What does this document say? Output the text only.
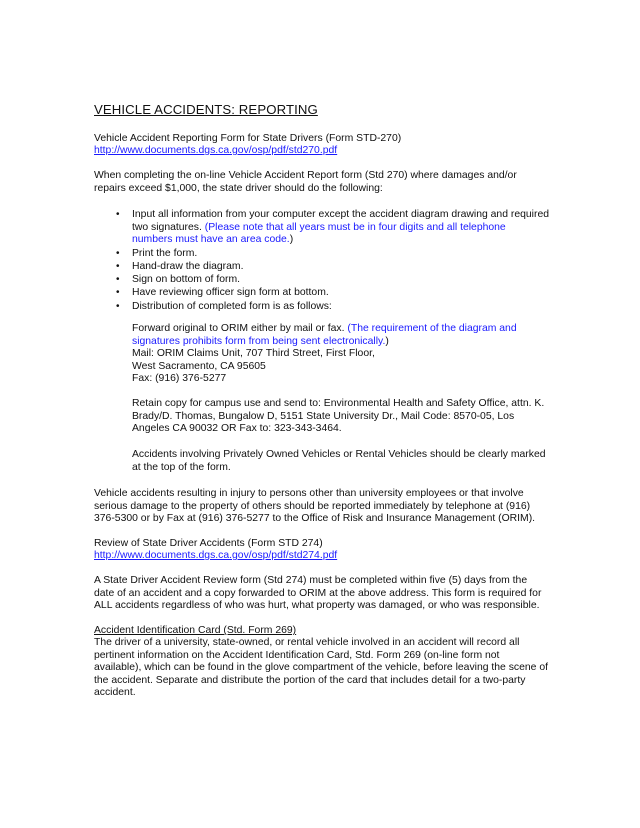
VEHICLE ACCIDENTS: REPORTING

Vehicle Accident Reporting Form for State Drivers (Form STD-270)

http://www.documents.dgs.ca.gov/osp/pdf/std270.pdf

When completing the on-line Vehicle Accident Report form (Std 270) where damages and/or repairs exceed $1,000, the state driver should do the following:

• Input all information from your computer except the accident diagram drawing and required two signatures. (Please note that all years must be in four digits and all telephone numbers must have an area code.)
• Print the form.
• Hand-draw the diagram.
• Sign on bottom of form.
• Have reviewing officer sign form at bottom.
• Distribution of completed form is as follows:

Forward original to ORIM either by mail or fax. (The requirement of the diagram and signatures prohibits form from being sent electronically.)

Mail: ORIM Claims Unit, 707 Third Street, First Floor,

West Sacramento, CA 95605

Fax: (916) 376-5277

Retain copy for campus use and send to: Environmental Health and Safety Office, attn. K. Brady/D. Thomas, Bungalow D, 5151 State University Dr., Mail Code: 8570-05, Los Angeles CA 90032 OR Fax to: 323-343-3464.

Accidents involving Privately Owned Vehicles or Rental Vehicles should be clearly marked at the top of the form.

Vehicle accidents resulting in injury to persons other than university employees or that involve serious damage to the property of others should be reported immediately by telephone at (916) 376-5300 or by Fax at (916) 376-5277 to the Office of Risk and Insurance Management (ORIM).

Review of State Driver Accidents (Form STD 274)

http://www.documents.dgs.ca.gov/osp/pdf/std274.pdf

A State Driver Accident Review form (Std 274) must be completed within five (5) days from the date of an accident and a copy forwarded to ORIM at the above address. This form is required for ALL accidents regardless of who was hurt, what property was damaged, or who was responsible.

Accident Identification Card (Std. Form 269)

The driver of a university, state-owned, or rental vehicle involved in an accident will record all pertinent information on the Accident Identification Card, Std. Form 269 (on-line form not available), which can be found in the glove compartment of the vehicle, before leaving the scene of the accident. Separate and distribute the portion of the card that includes detail for a two-party accident.
